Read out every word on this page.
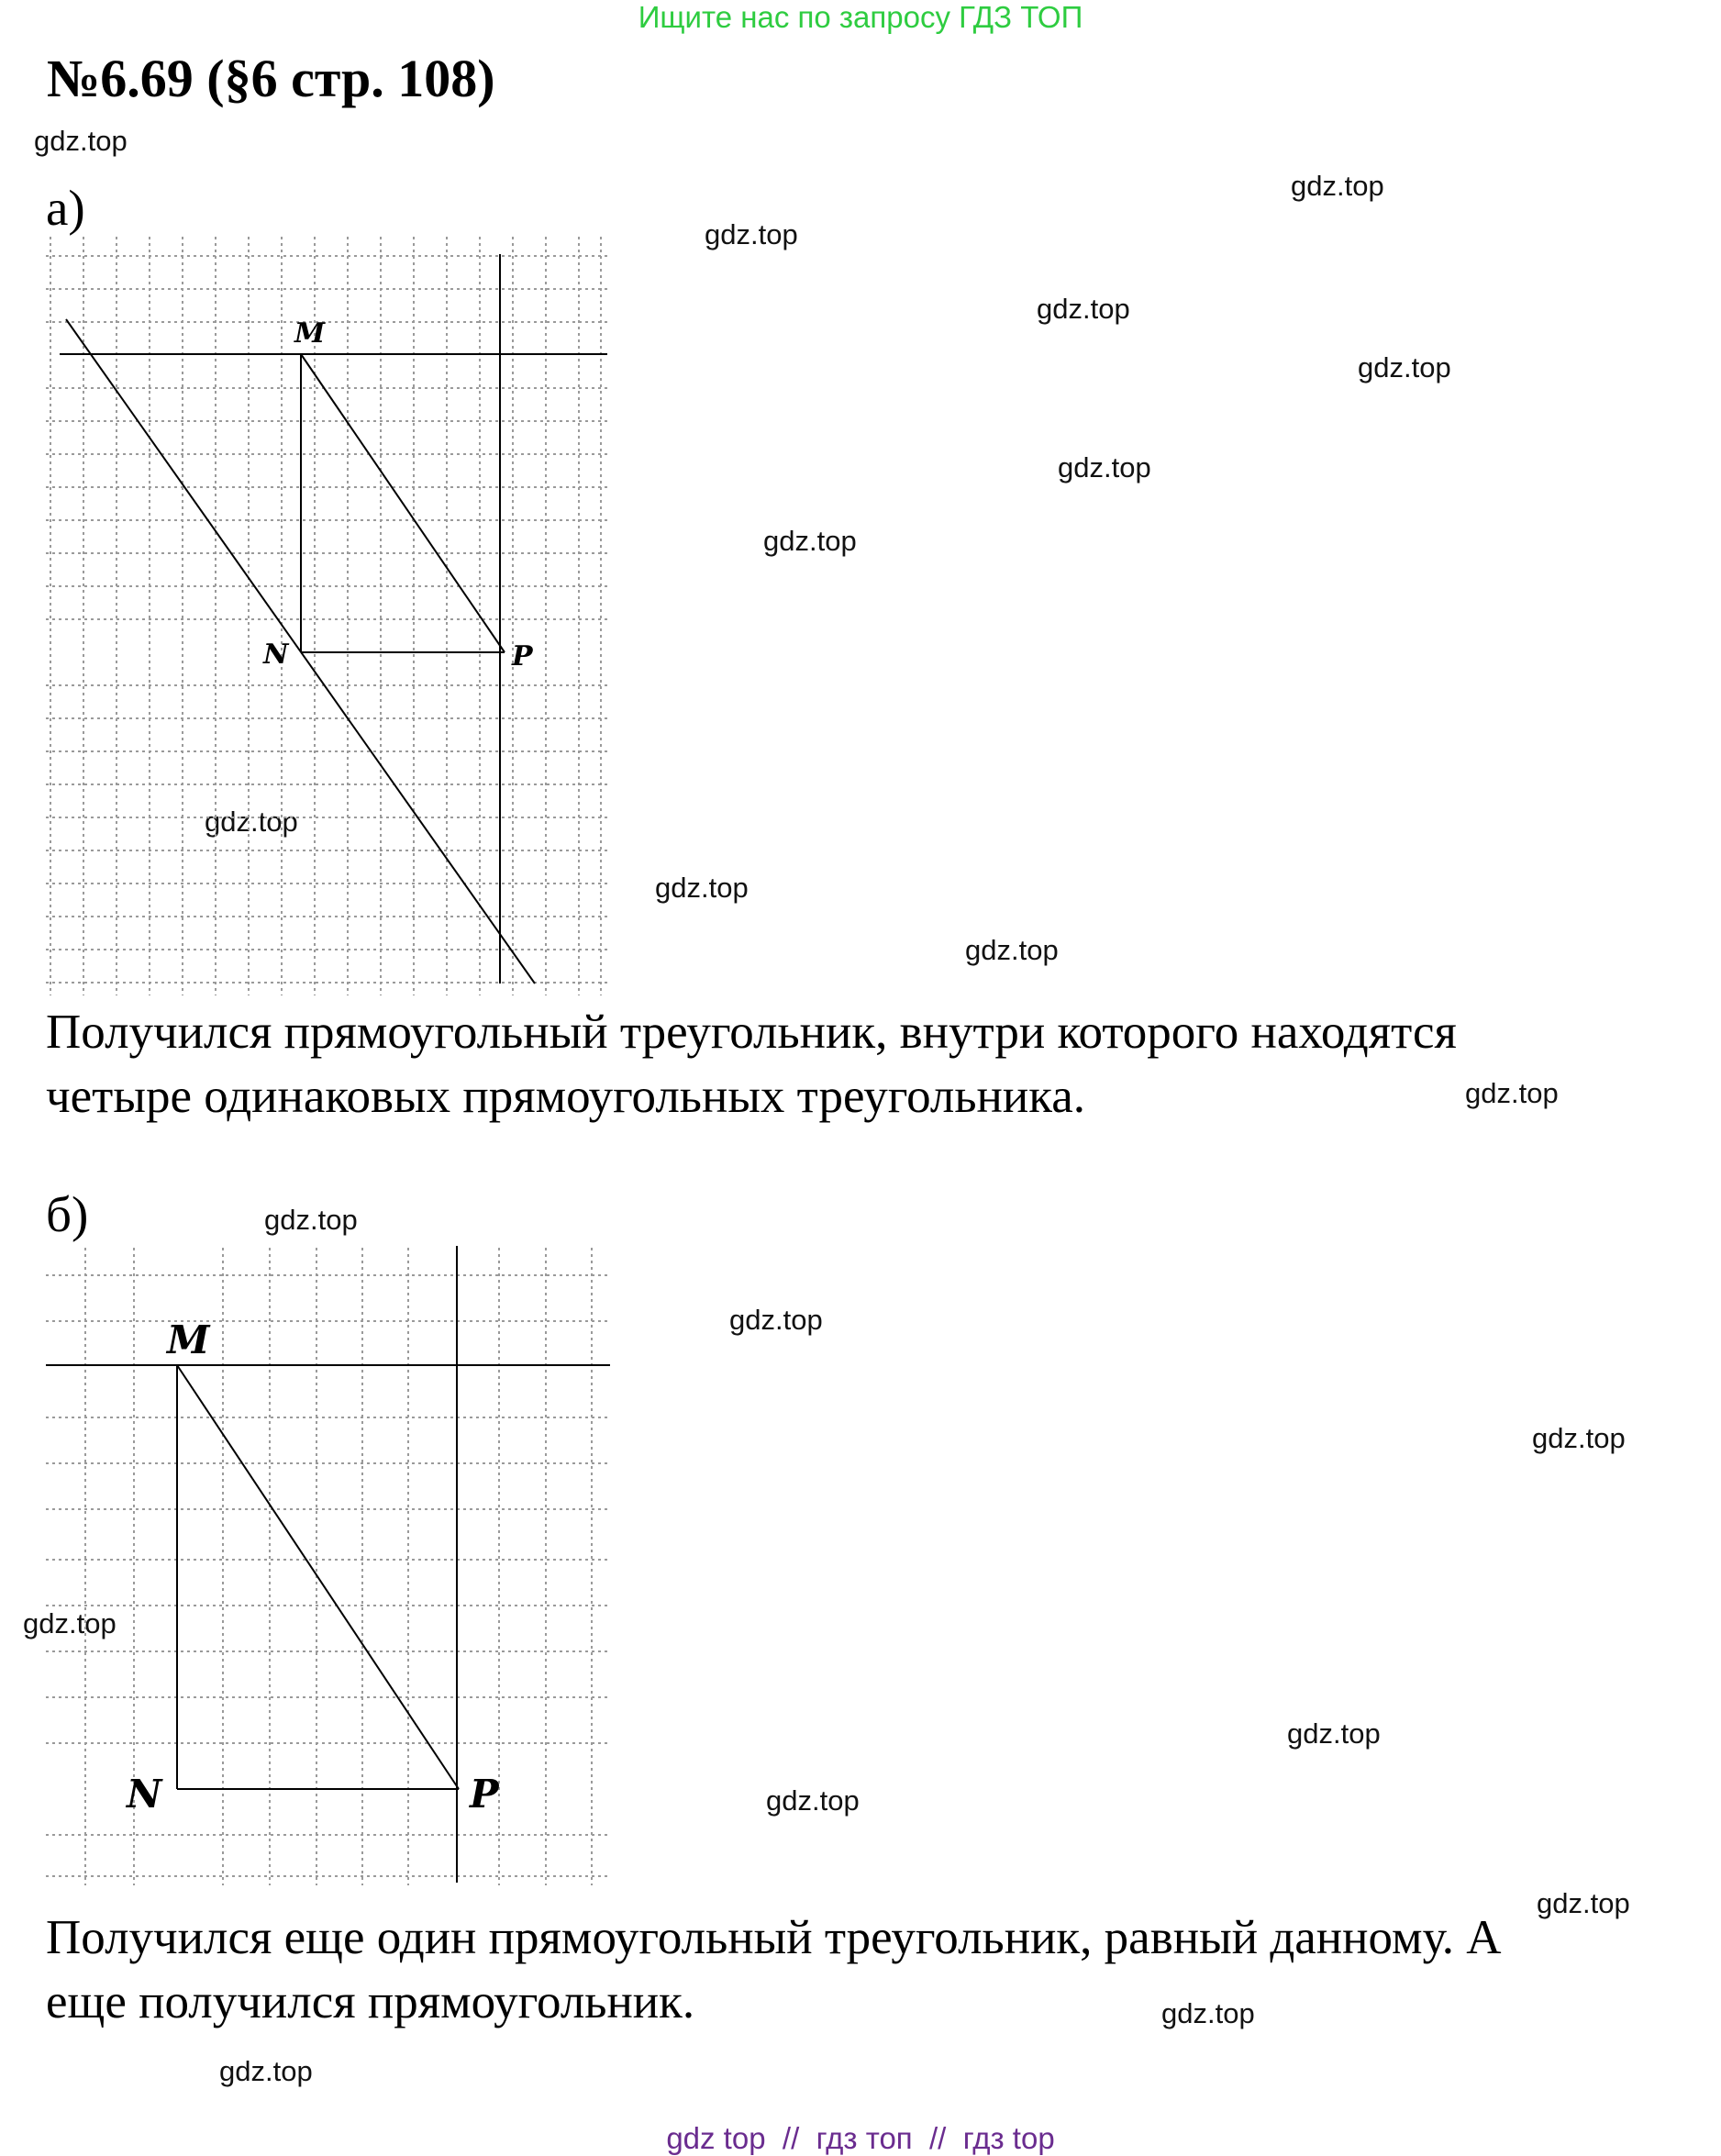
Ищите нас по запросу ГДЗ ТОП
№6.69 (§6 стр. 108)
gdz.top
gdz.top
gdz.top
gdz.top
gdz.top
gdz.top
gdz.top
gdz.top
gdz.top
gdz.top
gdz.top
gdz.top
gdz.top
gdz.top
gdz.top
gdz.top
gdz.top
gdz.top
gdz.top
gdz.top
а)
M
N	P
M
N	P
Получился прямоугольный треугольник, внутри которого находятся
четыре одинаковых прямоугольных треугольника.
б)
Получился еще один прямоугольный треугольник, равный данному. А
еще получился прямоугольник.
gdz top // гдз топ // гдз top
